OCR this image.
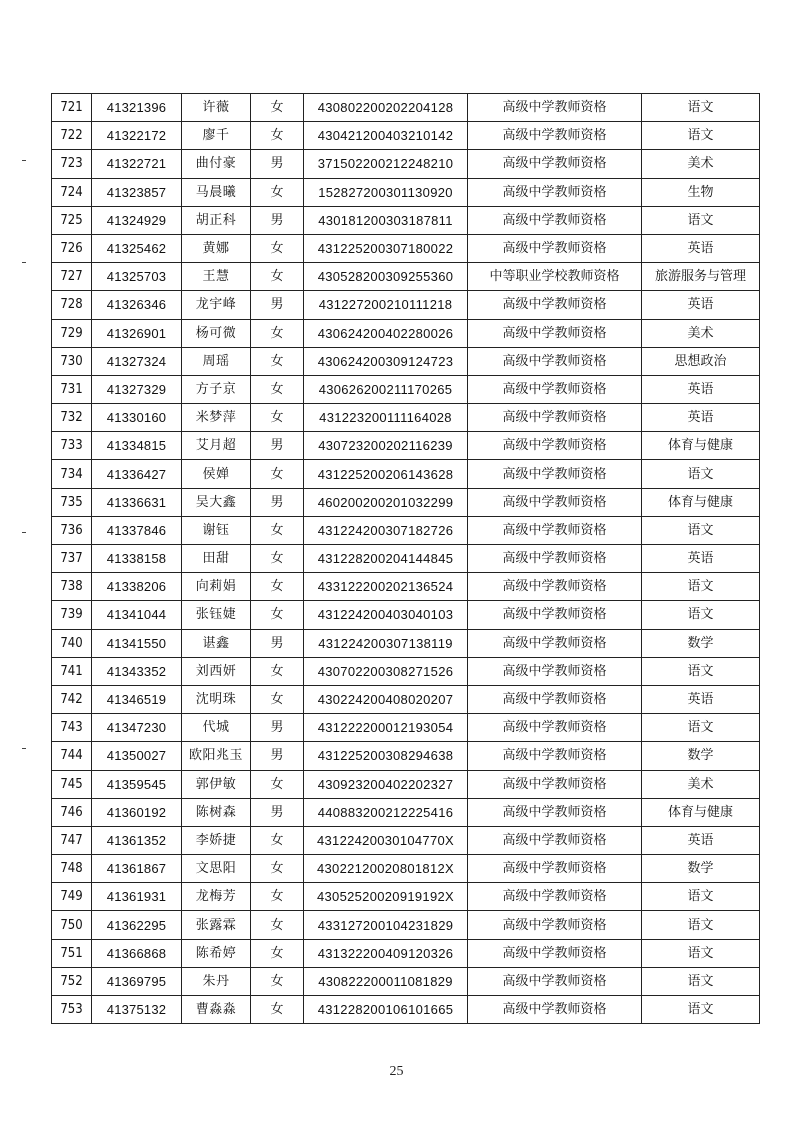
721	41321396	许薇	女	430802200202204128	高级中学教师资格	语文
722	41322172	廖千	女	430421200403210142	高级中学教师资格	语文
723	41322721	曲付豪	男	371502200212248210	高级中学教师资格	美术
724	41323857	马晨曦	女	152827200301130920	高级中学教师资格	生物
725	41324929	胡正科	男	430181200303187811	高级中学教师资格	语文
726	41325462	黄娜	女	431225200307180022	高级中学教师资格	英语
727	41325703	王慧	女	430528200309255360	中等职业学校教师资格	旅游服务与管理
728	41326346	龙宇峰	男	431227200210111218	高级中学教师资格	英语
729	41326901	杨可微	女	430624200402280026	高级中学教师资格	美术
730	41327324	周瑶	女	430624200309124723	高级中学教师资格	思想政治
731	41327329	方子京	女	430626200211170265	高级中学教师资格	英语
732	41330160	米梦萍	女	431223200111164028	高级中学教师资格	英语
733	41334815	艾月超	男	430723200202116239	高级中学教师资格	体育与健康
734	41336427	侯婵	女	431225200206143628	高级中学教师资格	语文
735	41336631	吴大鑫	男	460200200201032299	高级中学教师资格	体育与健康
736	41337846	谢钰	女	431224200307182726	高级中学教师资格	语文
737	41338158	田甜	女	431228200204144845	高级中学教师资格	英语
738	41338206	向莉娟	女	433122200202136524	高级中学教师资格	语文
739	41341044	张钰婕	女	431224200403040103	高级中学教师资格	语文
740	41341550	谌鑫	男	431224200307138119	高级中学教师资格	数学
741	41343352	刘西妍	女	430702200308271526	高级中学教师资格	语文
742	41346519	沈明珠	女	430224200408020207	高级中学教师资格	英语
743	41347230	代城	男	431222200012193054	高级中学教师资格	语文
744	41350027	欧阳兆玉	男	431225200308294638	高级中学教师资格	数学
745	41359545	郭伊敏	女	430923200402202327	高级中学教师资格	美术
746	41360192	陈树森	男	440883200212225416	高级中学教师资格	体育与健康
747	41361352	李娇捷	女	43122420030104770X	高级中学教师资格	英语
748	41361867	文思阳	女	43022120020801812X	高级中学教师资格	数学
749	41361931	龙梅芳	女	43052520020919192X	高级中学教师资格	语文
750	41362295	张露霖	女	433127200104231829	高级中学教师资格	语文
751	41366868	陈希婷	女	431322200409120326	高级中学教师资格	语文
752	41369795	朱丹	女	430822200011081829	高级中学教师资格	语文
753	41375132	曹淼淼	女	431228200106101665	高级中学教师资格	语文
25
